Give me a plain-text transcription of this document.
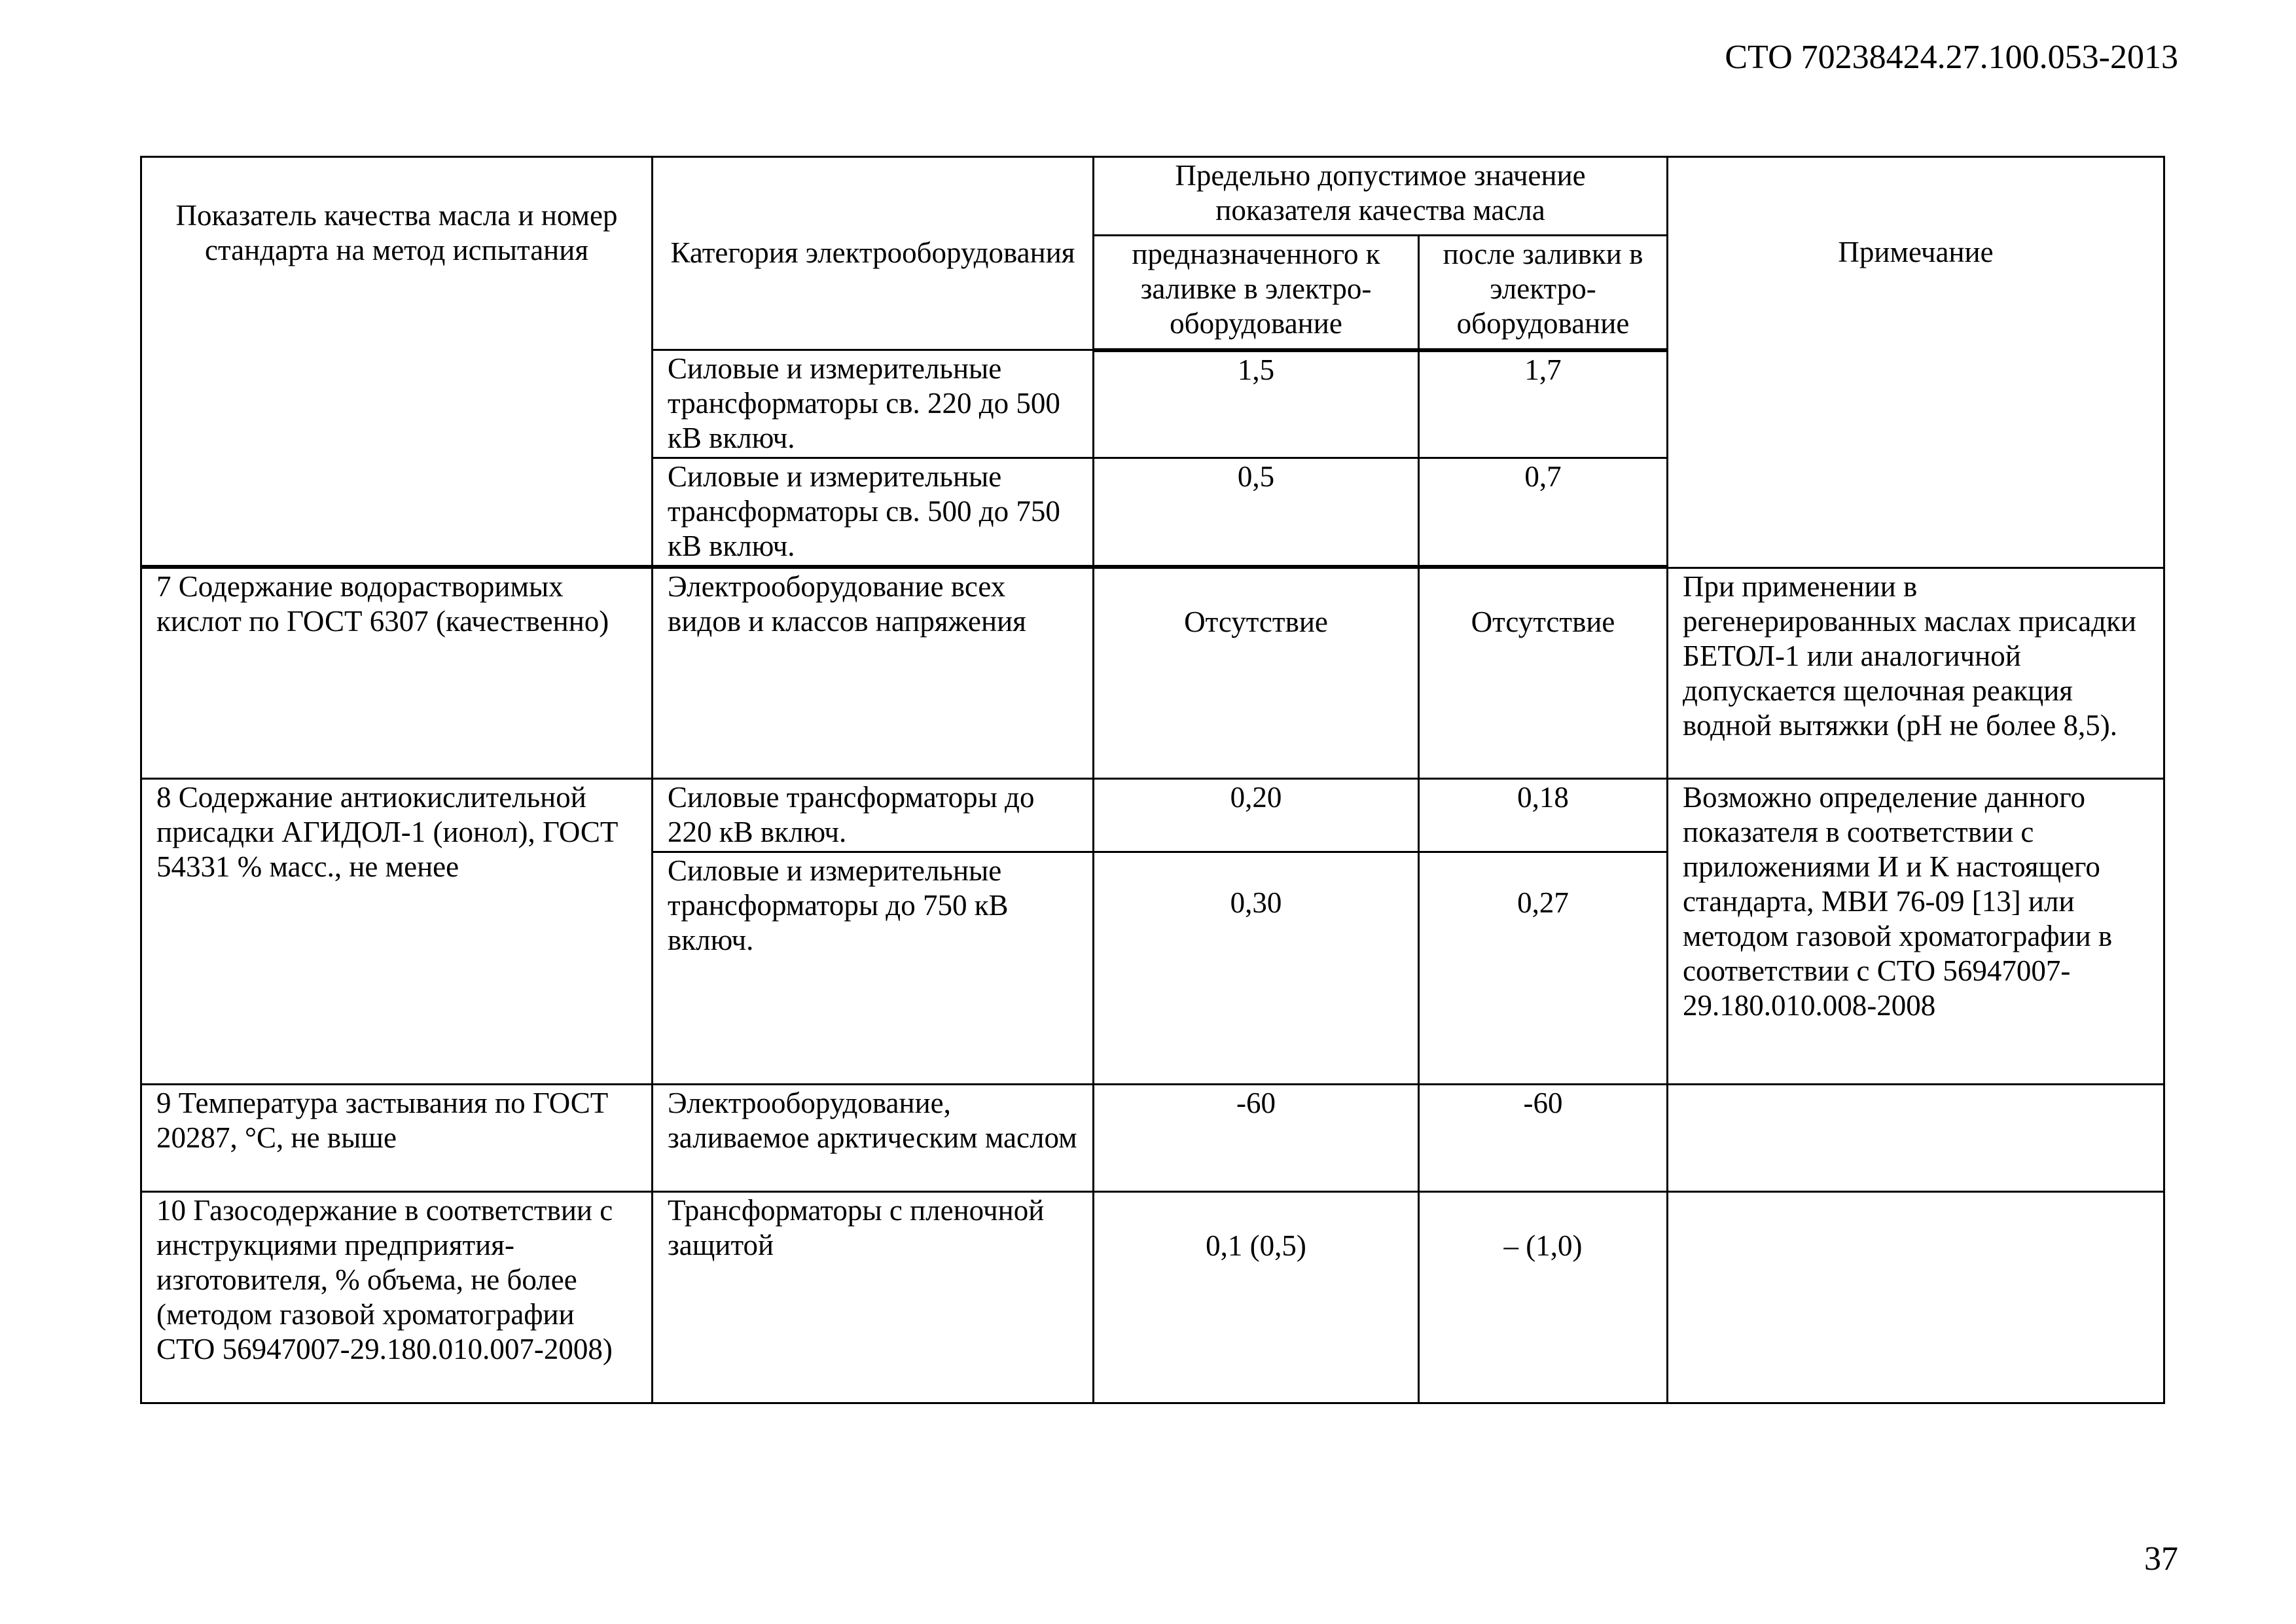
СТО 70238424.27.100.053-2013
Показатель качества масла и номер стандарта на метод испытания	Категория электрооборудования	Предельно допустимое значение показателя качества масла		Примечание
		предназначенного к заливке в электро-оборудование	после заливки в электро-оборудование	
	Силовые и измерительные трансформаторы св. 220 до 500 кВ включ.	1,5	1,7	
	Силовые и измерительные трансформаторы св. 500 до 750 кВ включ.	0,5	0,7	

7 Содержание водорастворимых кислот по ГОСТ 6307 (качественно)	Электрооборудование всех видов и классов напряжения	Отсутствие	Отсутствие	При применении в регенерированных маслах присадки БЕТОЛ-1 или аналогичной допускается щелочная реакция водной вытяжки (рН не более 8,5).
8 Содержание антиокислительной присадки АГИДОЛ-1 (ионол), ГОСТ 54331 % масс., не менее	Силовые трансформаторы до 220 кВ включ.	0,20	0,18	Возможно определение данного показателя в соответствии с приложениями И и К настоящего стандарта, МВИ 76-09 [13] или методом газовой хроматографии в соответствии с СТО 56947007-29.180.010.008-2008
	Силовые и измерительные трансформаторы до 750 кВ включ.	0,30	0,27	
9 Температура застывания по ГОСТ 20287, °С, не выше	Электрооборудование, заливаемое арктическим маслом	-60	-60	
10 Газосодержание в соответствии с инструкциями предприятия-изготовителя, % объема, не более (методом газовой хроматографии СТО 56947007-29.180.010.007-2008)	Трансформаторы с пленочной защитой	0,1 (0,5)	– (1,0)	
37
